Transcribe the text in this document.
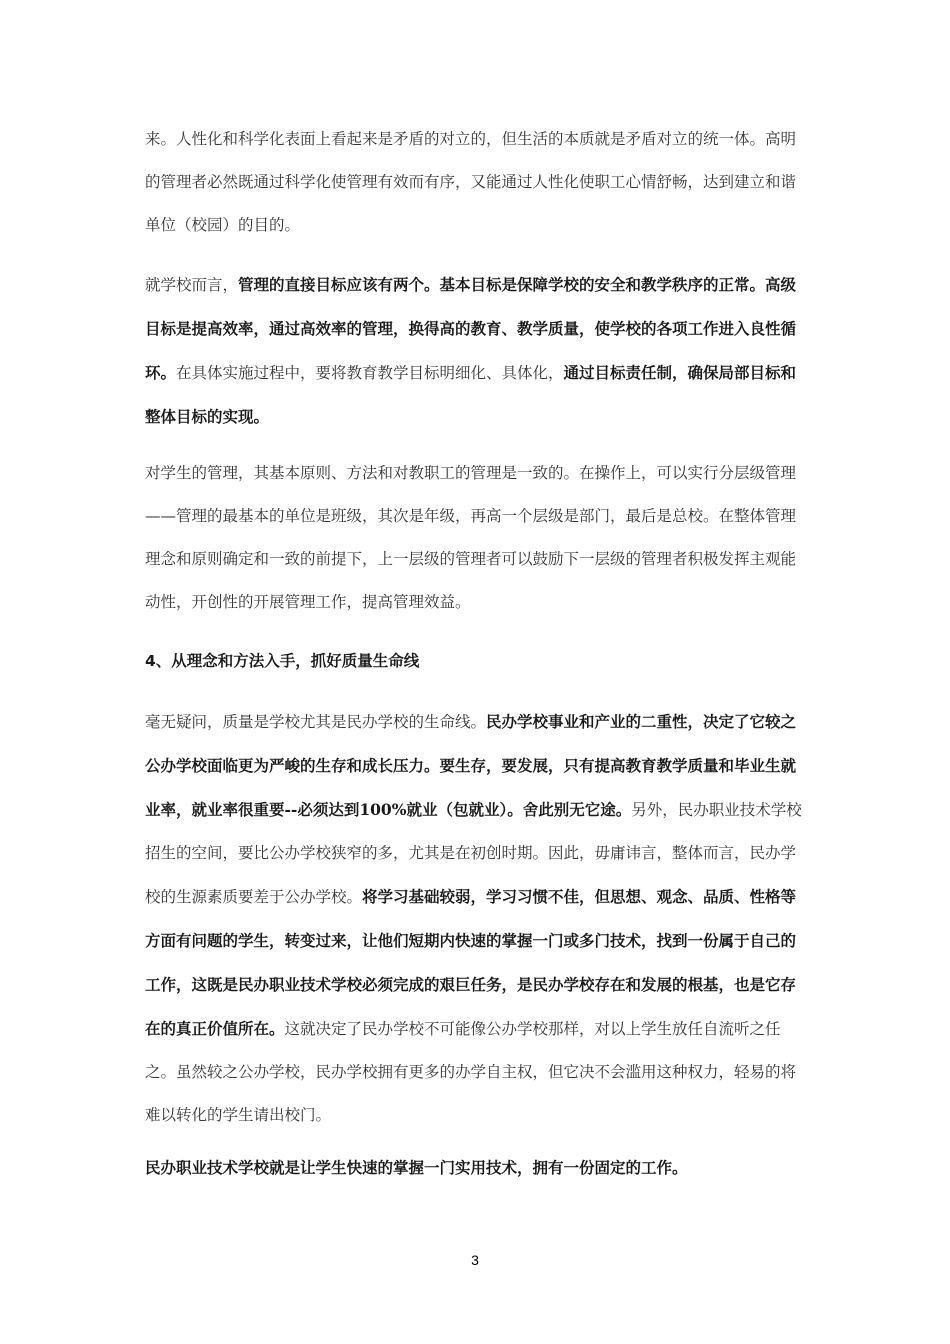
来。人性化和科学化表面上看起来是矛盾的对立的，但生活的本质就是矛盾对立的统一体。高明的管理者必然既通过科学化使管理有效而有序，又能通过人性化使职工心情舒畅，达到建立和谐单位（校园）的目的。

就学校而言，管理的直接目标应该有两个。基本目标是保障学校的安全和教学秩序的正常。高级目标是提高效率，通过高效率的管理，换得高的教育、教学质量，使学校的各项工作进入良性循环。在具体实施过程中，要将教育教学目标明细化、具体化，通过目标责任制，确保局部目标和整体目标的实现。

对学生的管理，其基本原则、方法和对教职工的管理是一致的。在操作上，可以实行分层级管理——管理的最基本的单位是班级，其次是年级，再高一个层级是部门，最后是总校。在整体管理理念和原则确定和一致的前提下，上一层级的管理者可以鼓励下一层级的管理者积极发挥主观能动性，开创性的开展管理工作，提高管理效益。

4、从理念和方法入手，抓好质量生命线

毫无疑问，质量是学校尤其是民办学校的生命线。民办学校事业和产业的二重性，决定了它较之公办学校面临更为严峻的生存和成长压力。要生存，要发展，只有提高教育教学质量和毕业生就业率，就业率很重要--必须达到100%就业（包就业）。舍此别无它途。另外，民办职业技术学校招生的空间，要比公办学校狭窄的多，尤其是在初创时期。因此，毋庸讳言，整体而言，民办学校的生源素质要差于公办学校。将学习基础较弱，学习习惯不佳，但思想、观念、品质、性格等方面有问题的学生，转变过来，让他们短期内快速的掌握一门或多门技术，找到一份属于自己的工作，这既是民办职业技术学校必须完成的艰巨任务，是民办学校存在和发展的根基，也是它存在的真正价值所在。这就决定了民办学校不可能像公办学校那样，对以上学生放任自流听之任之。虽然较之公办学校，民办学校拥有更多的办学自主权，但它决不会滥用这种权力，轻易的将难以转化的学生请出校门。

民办职业技术学校就是让学生快速的掌握一门实用技术，拥有一份固定的工作。

3
